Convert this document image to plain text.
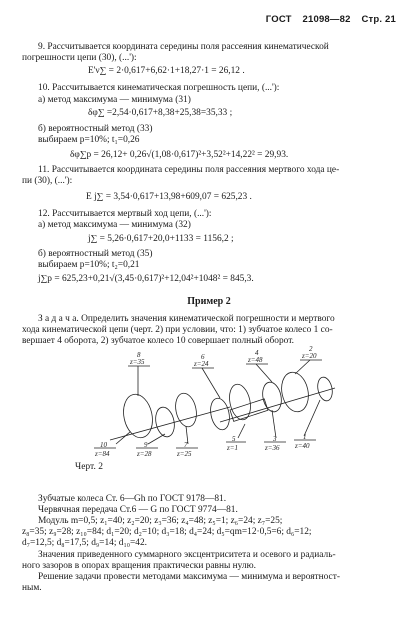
ГОСТ 21098—82 Стр. 21
9. Рассчитывается координата середины поля рассеяния кинематической
погрешности цепи (30), (...'):
E'ν∑ = 2·0,617+6,62·1+18,27·1 = 26,12 .
10. Рассчитывается кинематическая погрешность цепи, (...'):
а) метод максимума — минимума (31)
δφ∑ =2,54·0,617+8,38+25,38=35,33 ;
б) вероятностный метод (33)
выбираем p=10%; t₁=0,26
δφ∑p = 26,12+ 0,26√(1,08·0,617)²+3,52²+14,22² = 29,93.
11. Рассчитывается координата середины поля рассеяния мертвого хода це-
пи (30), (...'):
E j∑ = 3,54·0,617+13,98+609,07 = 625,23 .
12. Рассчитывается мертвый ход цепи, (...'):
а) метод максимума — минимума (32)
j∑ = 5,26·0,617+20,0+1133 = 1156,2 ;
б) вероятностный метод (35)
выбираем p=10%; t₂=0,21
j∑p = 625,23+0,21√(3,45·0,617)²+12,04²+1048² = 845,3.
Пример 2
З а д а ч а. Определить значения кинематической погрешности и мертвого
хода кинематической цепи (черт. 2) при условии, что: 1) зубчатое колесо 1 со-
вершает 4 оборота, 2) зубчатое колесо 10 совершает полный оборот.
8
z=35
6
z=24
4
z=48
2
z=20
10
z=84
9
z=28
7
z=25
5
z=1
3
z=36
1
z=40
Черт. 2
Зубчатые колеса Ст. 6—Gh по ГОСТ 9178—81.
Червячная передача Ст.6 — G по ГОСТ 9774—81.
Модуль m=0,5; z₁=40; z₂=20; z₃=36; z₄=48; z₅=1; z₆=24; z₇=25;
z₈=35; z₉=28; z₁₀=84; d₁=20; d₂=10; d₃=18; d₄=24; d₅=qm=12·0,5=6; d₆=12;
d₇=12,5; d₈=17,5; d₉=14; d₁₀=42.
Значения приведенного суммарного эксцентриситета и осевого и радиаль-
ного зазоров в опорах вращения практически равны нулю.
Решение задачи провести методами максимума — минимума и вероятност-
ным.
